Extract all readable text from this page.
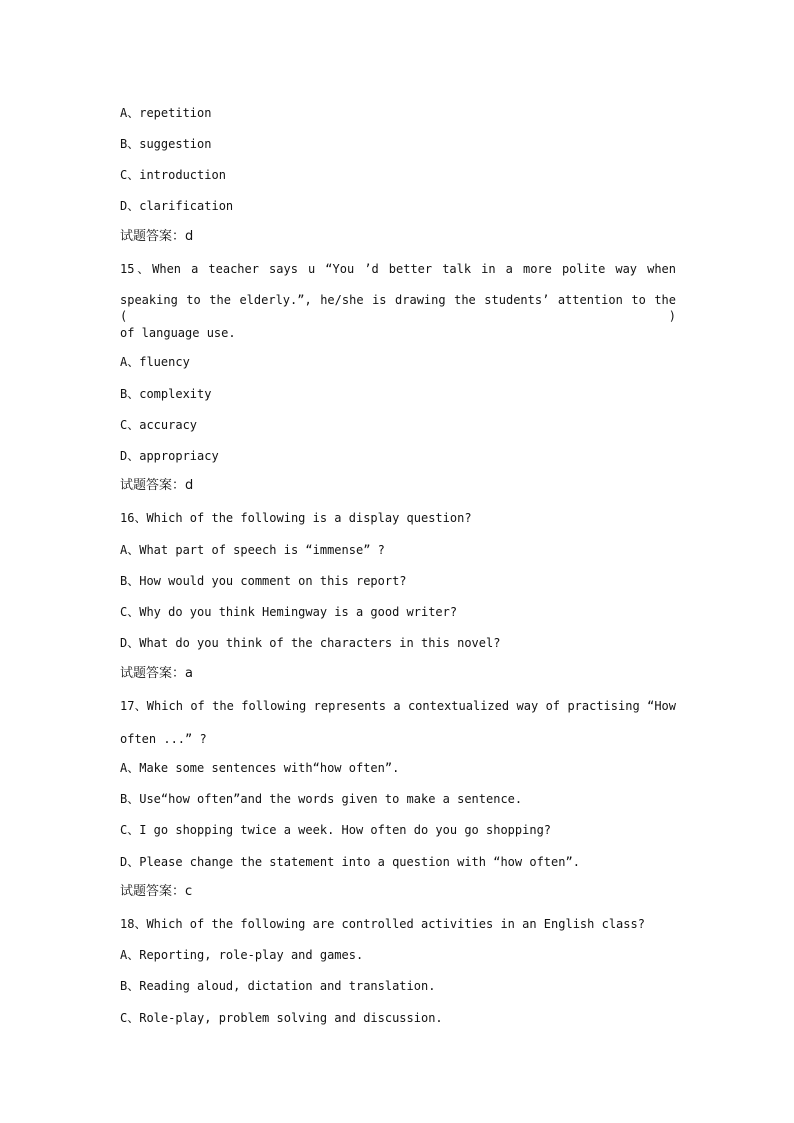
A、repetition
B、suggestion
C、introduction
D、clarification
试题答案：d
15、When a teacher says u “You ’d better talk in a more polite way when
speaking to the elderly.”, he/she is drawing the students’ attention to the ( )
of language use.
A、fluency
B、complexity
C、accuracy
D、appropriacy
试题答案：d
16、Which of the following is a display question?
A、What part of speech is “immense” ?
B、How would you comment on this report?
C、Why do you think Hemingway is a good writer?
D、What do you think of the characters in this novel?
试题答案：a
17、Which of the following represents a contextualized way of practising “How
often ...” ?
A、Make some sentences with“how often”.
B、Use“how often”and the words given to make a sentence.
C、I go shopping twice a week. How often do you go shopping?
D、Please change the statement into a question with “how often”.
试题答案：c
18、Which of the following are controlled activities in an English class?
A、Reporting, role-play and games.
B、Reading aloud, dictation and translation.
C、Role-play, problem solving and discussion.
